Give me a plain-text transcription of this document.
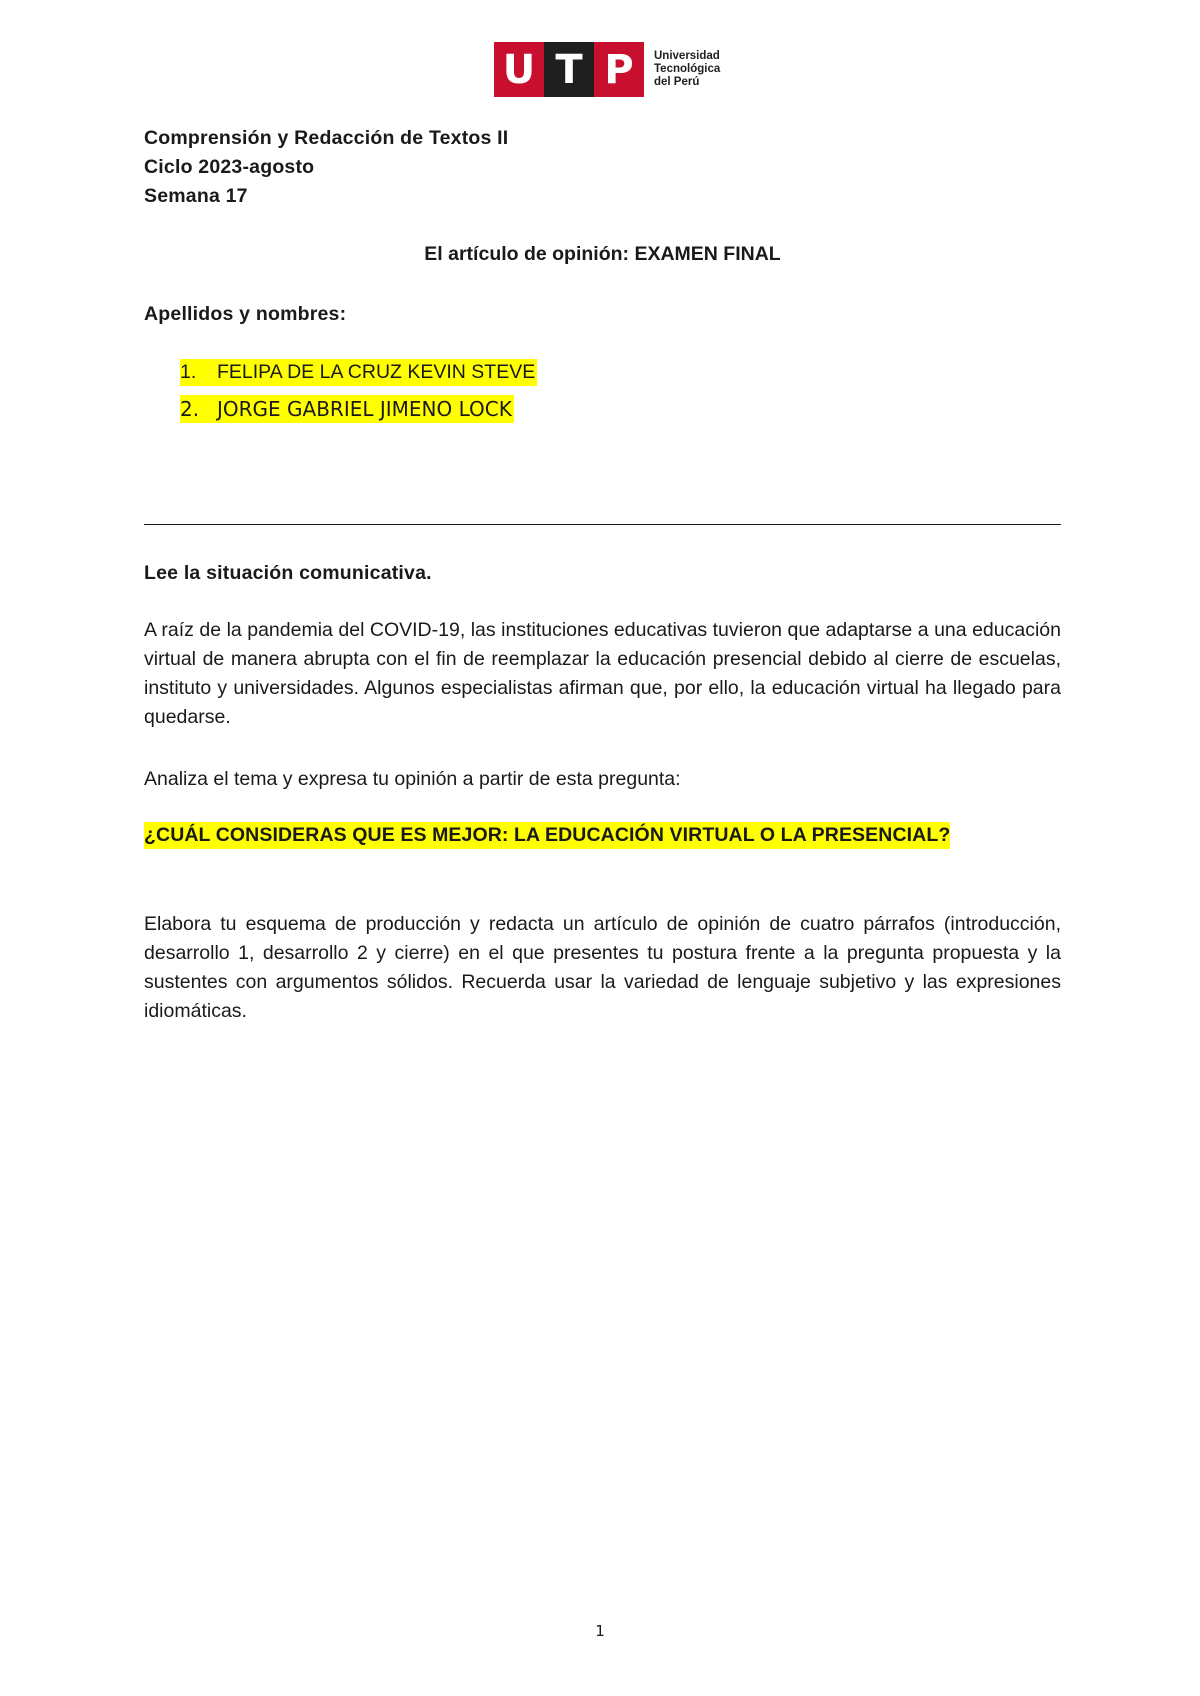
U T P	Universidad
Tecnológica
del Perú
Comprensión y Redacción de Textos II
Ciclo 2023-agosto
Semana 17
El artículo de opinión: EXAMEN FINAL
Apellidos y nombres:
1. FELIPA DE LA CRUZ KEVIN STEVE
2. JORGE GABRIEL JIMENO LOCK
Lee la situación comunicativa.
A raíz de la pandemia del COVID-19, las instituciones educativas tuvieron que adaptarse a una educación virtual de manera abrupta con el fin de reemplazar la educación presencial debido al cierre de escuelas, instituto y universidades. Algunos especialistas afirman que, por ello, la educación virtual ha llegado para quedarse.
Analiza el tema y expresa tu opinión a partir de esta pregunta:
¿CUÁL CONSIDERAS QUE ES MEJOR: LA EDUCACIÓN VIRTUAL O LA PRESENCIAL?
Elabora tu esquema de producción y redacta un artículo de opinión de cuatro párrafos (introducción, desarrollo 1, desarrollo 2 y cierre) en el que presentes tu postura frente a la pregunta propuesta y la sustentes con argumentos sólidos. Recuerda usar la variedad de lenguaje subjetivo y las expresiones idiomáticas.
1
